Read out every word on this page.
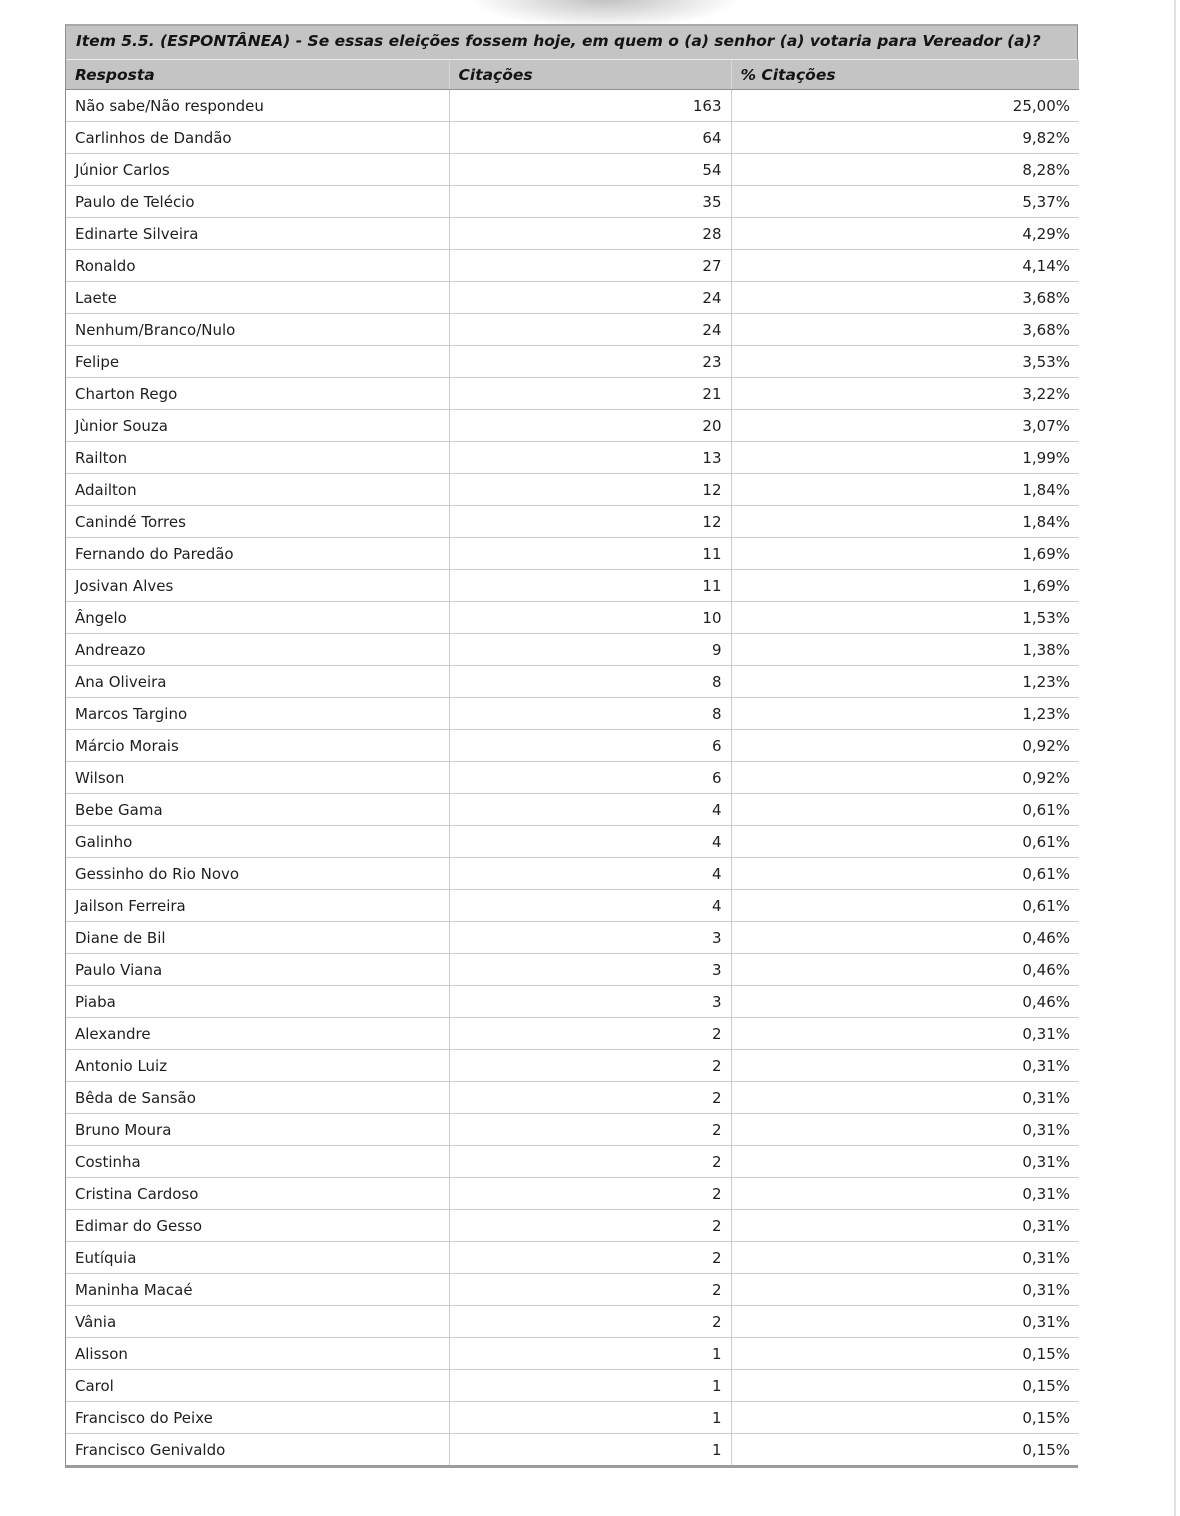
Item 5.5. (ESPONTÂNEA) - Se essas eleições fossem hoje, em quem o (a) senhor (a) votaria para Vereador (a)?
Resposta	Citações	% Citações
Não sabe/Não respondeu	163	25,00%
Carlinhos de Dandão	64	9,82%
Júnior Carlos	54	8,28%
Paulo de Telécio	35	5,37%
Edinarte Silveira	28	4,29%
Ronaldo	27	4,14%
Laete	24	3,68%
Nenhum/Branco/Nulo	24	3,68%
Felipe	23	3,53%
Charton Rego	21	3,22%
Jùnior Souza	20	3,07%
Railton	13	1,99%
Adailton	12	1,84%
Canindé Torres	12	1,84%
Fernando do Paredão	11	1,69%
Josivan Alves	11	1,69%
Ângelo	10	1,53%
Andreazo	9	1,38%
Ana Oliveira	8	1,23%
Marcos Targino	8	1,23%
Márcio Morais	6	0,92%
Wilson	6	0,92%
Bebe Gama	4	0,61%
Galinho	4	0,61%
Gessinho do Rio Novo	4	0,61%
Jailson Ferreira	4	0,61%
Diane de Bil	3	0,46%
Paulo Viana	3	0,46%
Piaba	3	0,46%
Alexandre	2	0,31%
Antonio Luiz	2	0,31%
Bêda de Sansão	2	0,31%
Bruno Moura	2	0,31%
Costinha	2	0,31%
Cristina Cardoso	2	0,31%
Edimar do Gesso	2	0,31%
Eutíquia	2	0,31%
Maninha Macaé	2	0,31%
Vânia	2	0,31%
Alisson	1	0,15%
Carol	1	0,15%
Francisco do Peixe	1	0,15%
Francisco Genivaldo	1	0,15%
